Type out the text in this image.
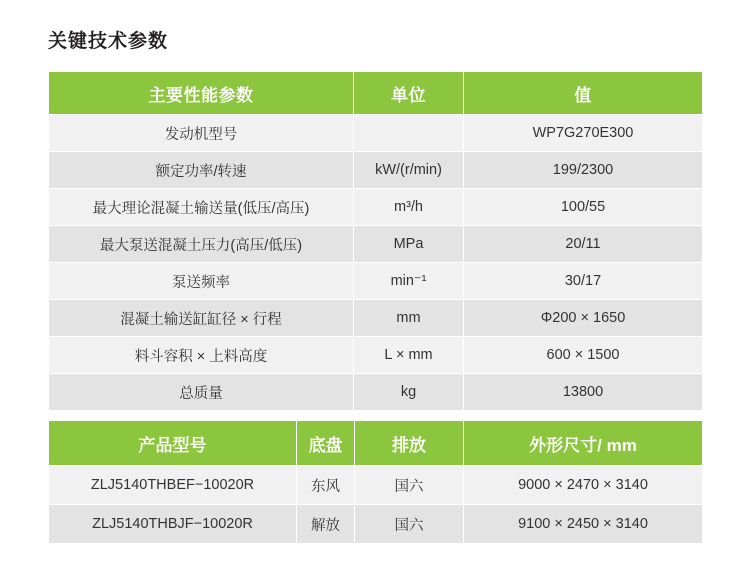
关键技术参数
主要性能参数	单位	值
发动机型号		WP7G270E300
额定功率/转速	kW/(r/min)	199/2300
最大理论混凝土输送量(低压/高压)	m³/h	100/55
最大泵送混凝土压力(高压/低压)	MPa	20/11
泵送频率	min⁻¹	30/17
混凝土输送缸缸径 × 行程	mm	Φ200 × 1650
料斗容积 × 上料高度	L × mm	600 × 1500
总质量	kg	13800
产品型号	底盘	排放	外形尺寸/ mm
ZLJ5140THBEF−10020R	东风	国六	9000 × 2470 × 3140
ZLJ5140THBJF−10020R	解放	国六	9100 × 2450 × 3140
